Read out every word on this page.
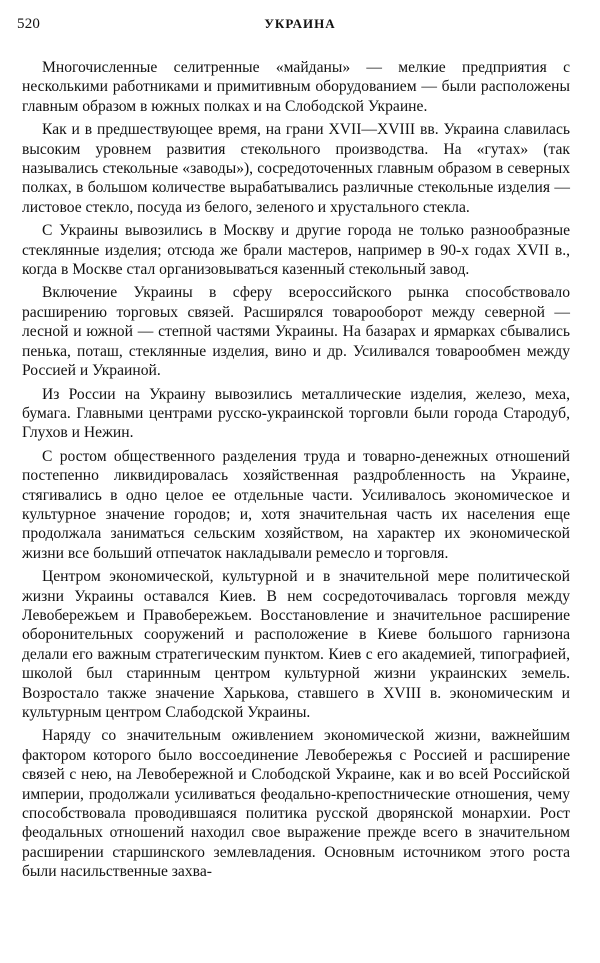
520	УКРАИНА

Многочисленные селитренные «майданы» — мелкие предприятия с несколькими работниками и примитивным оборудованием — были расположены главным образом в южных полках и на Слободской Украине.

Как и в предшествующее время, на грани XVII—XVIII вв. Украина славилась высоким уровнем развития стекольного производства. На «гутах» (так назывались стекольные «заводы»), сосредоточенных главным образом в северных полках, в большом количестве вырабатывались различные стекольные изделия — листовое стекло, посуда из белого, зеленого и хрустального стекла.

С Украины вывозились в Москву и другие города не только разнообразные стеклянные изделия; отсюда же брали мастеров, например в 90-х годах XVII в., когда в Москве стал организовываться казенный стекольный завод.

Включение Украины в сферу всероссийского рынка способствовало расширению торговых связей. Расширялся товарооборот между северной — лесной и южной — степной частями Украины. На базарах и ярмарках сбывались пенька, поташ, стеклянные изделия, вино и др. Усиливался товарообмен между Россией и Украиной.

Из России на Украину вывозились металлические изделия, железо, меха, бумага. Главными центрами русско-украинской торговли были города Стародуб, Глухов и Нежин.

С ростом общественного разделения труда и товарно-денежных отношений постепенно ликвидировалась хозяйственная раздробленность на Украине, стягивались в одно целое ее отдельные части. Усиливалось экономическое и культурное значение городов; и, хотя значительная часть их населения еще продолжала заниматься сельским хозяйством, на характер их экономической жизни все больший отпечаток накладывали ремесло и торговля.

Центром экономической, культурной и в значительной мере политической жизни Украины оставался Киев. В нем сосредоточивалась торговля между Левобережьем и Правобережьем. Восстановление и значительное расширение оборонительных сооружений и расположение в Киеве большого гарнизона делали его важным стратегическим пунктом. Киев с его академией, типографией, школой был старинным центром культурной жизни украинских земель. Возростало также значение Харькова, ставшего в XVIII в. экономическим и культурным центром Слабодской Украины.

Наряду со значительным оживлением экономической жизни, важнейшим фактором которого было воссоединение Левобережья с Россией и расширение связей с нею, на Левобережной и Слободской Украине, как и во всей Российской империи, продолжали усиливаться феодально-крепостнические отношения, чему способствовала проводившаяся политика русской дворянской монархии. Рост феодальных отношений находил свое выражение прежде всего в значительном расширении старшинского землевладения. Основным источником этого роста были насильственные захва-
